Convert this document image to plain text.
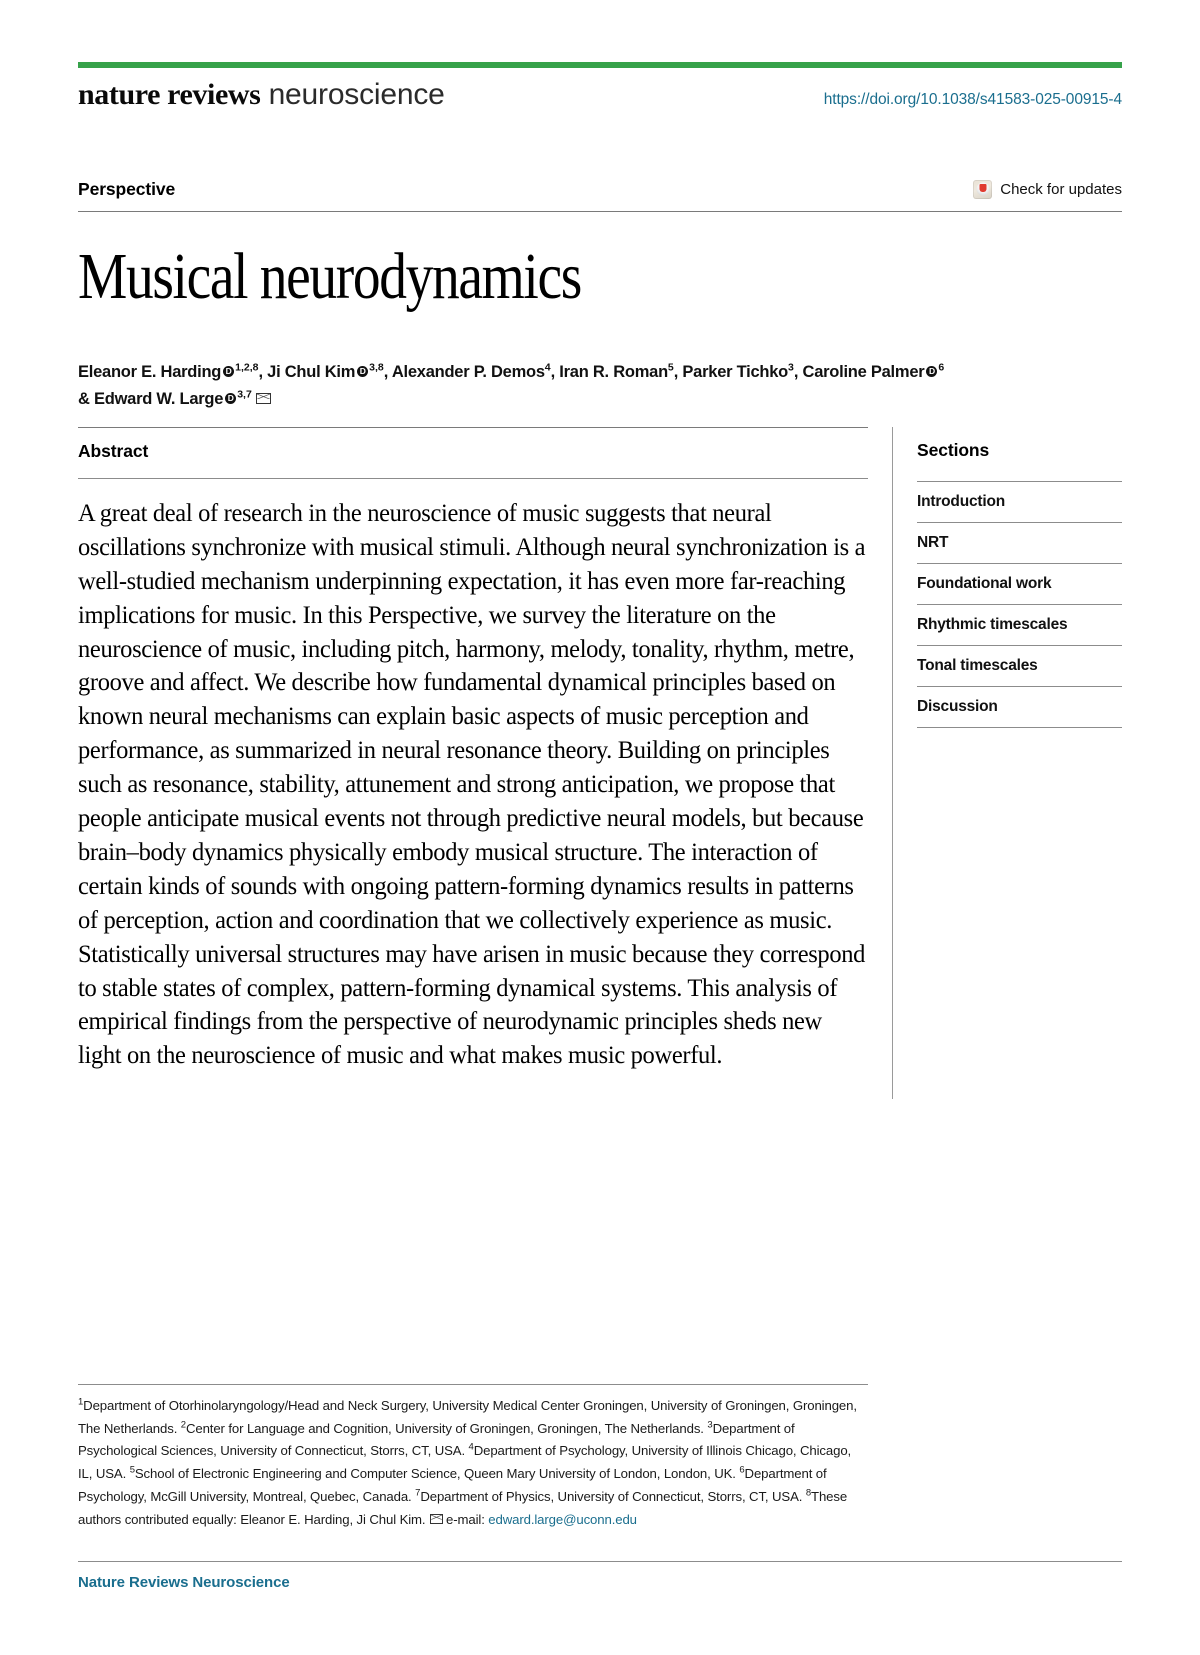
nature reviews neuroscience	https://doi.org/10.1038/s41583-025-00915-4
Perspective	Check for updates
Musical neurodynamics
Eleanor E. Harding D $^{1,2,8}$, Ji Chul Kim D $^{3,8}$, Alexander P. Demos$^4$, Iran R. Roman$^5$, Parker Tichko$^3$, Caroline Palmer D $^6$
& Edward W. Large D $^{3,7}$
Abstract

A great deal of research in the neuroscience of music suggests that neural oscillations synchronize with musical stimuli. Although neural synchronization is a well-studied mechanism underpinning expectation, it has even more far-reaching implications for music. In this Perspective, we survey the literature on the neuroscience of music, including pitch, harmony, melody, tonality, rhythm, metre, groove and affect. We describe how fundamental dynamical principles based on known neural mechanisms can explain basic aspects of music perception and performance, as summarized in neural resonance theory. Building on principles such as resonance, stability, attunement and strong anticipation, we propose that people anticipate musical events not through predictive neural models, but because brain–body dynamics physically embody musical structure. The interaction of certain kinds of sounds with ongoing pattern-forming dynamics results in patterns of perception, action and coordination that we collectively experience as music. Statistically universal structures may have arisen in music because they correspond to stable states of complex, pattern-forming dynamical systems. This analysis of empirical findings from the perspective of neurodynamic principles sheds new light on the neuroscience of music and what makes music powerful.

Sections
Introduction
NRT
Foundational work
Rhythmic timescales
Tonal timescales
Discussion
$^1$Department of Otorhinolaryngology/Head and Neck Surgery, University Medical Center Groningen, University of Groningen, Groningen, The Netherlands. $^2$Center for Language and Cognition, University of Groningen, Groningen, The Netherlands. $^3$Department of Psychological Sciences, University of Connecticut, Storrs, CT, USA. $^4$Department of Psychology, University of Illinois Chicago, Chicago, IL, USA. $^5$School of Electronic Engineering and Computer Science, Queen Mary University of London, London, UK. $^6$Department of Psychology, McGill University, Montreal, Quebec, Canada. $^7$Department of Physics, University of Connecticut, Storrs, CT, USA. $^8$These authors contributed equally: Eleanor E. Harding, Ji Chul Kim. e-mail: edward.large@uconn.edu
Nature Reviews Neuroscience
